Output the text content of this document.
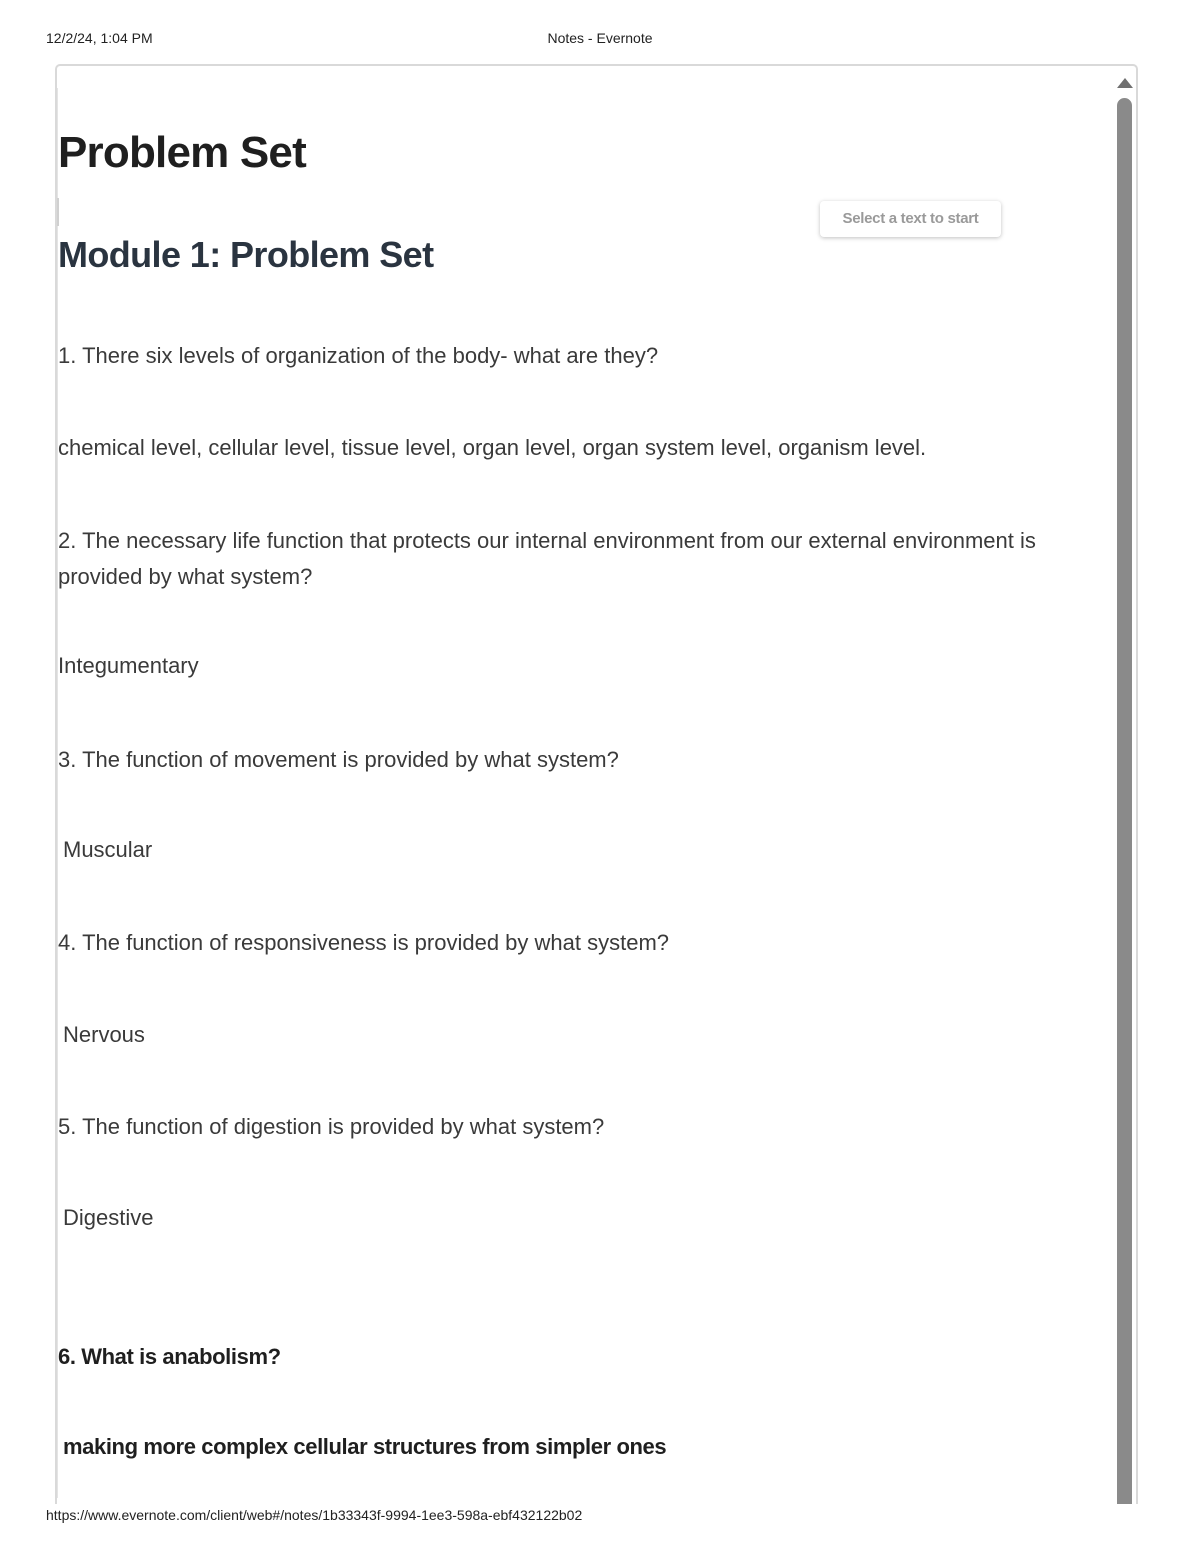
12/2/24, 1:04 PM	Notes - Evernote
Problem Set
Module 1: Problem Set

1. There six levels of organization of the body- what are they?

chemical level, cellular level, tissue level, organ level, organ system level, organism level.

2. The necessary life function that protects our internal environment from our external environment is provided by what system?

Integumentary

3. The function of movement is provided by what system?

Muscular

4. The function of responsiveness is provided by what system?

Nervous

5. The function of digestion is provided by what system?

Digestive

6. What is anabolism?

making more complex cellular structures from simpler ones

Select a text to start
https://www.evernote.com/client/web#/notes/1b33343f-9994-1ee3-598a-ebf432122b02
